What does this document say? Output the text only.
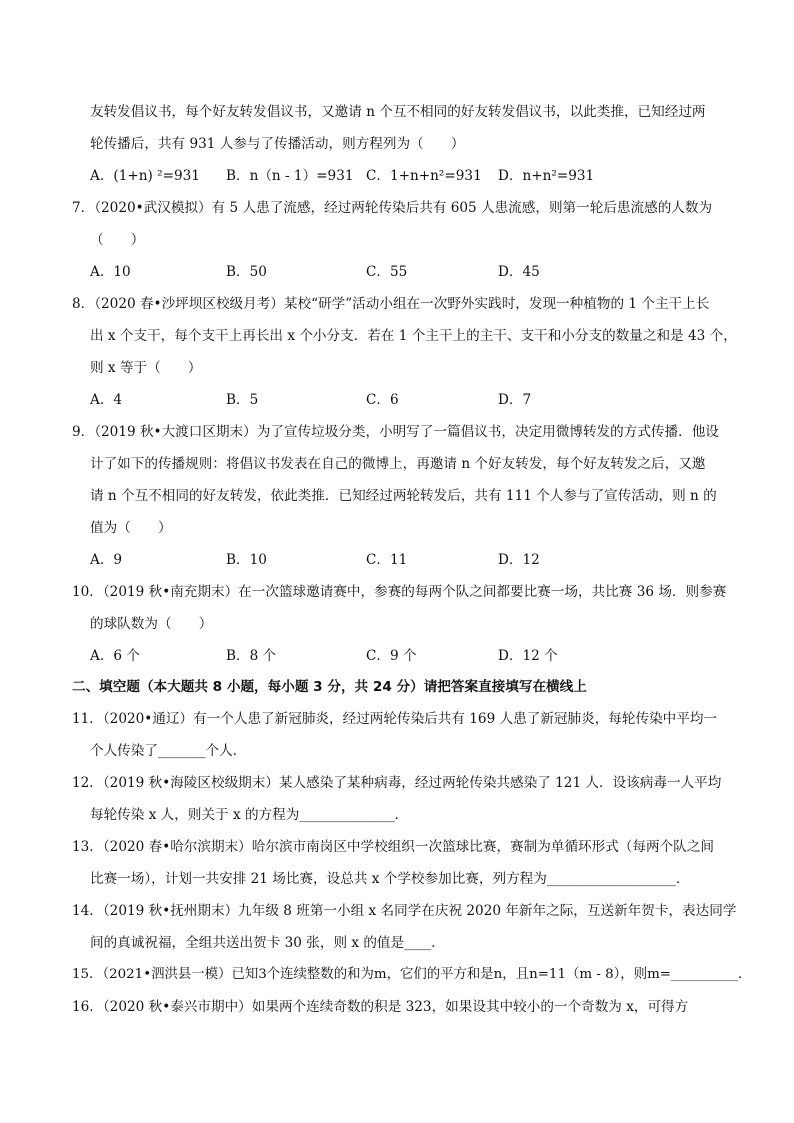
友转发倡议书，每个好友转发倡议书，又邀请 n 个互不相同的好友转发倡议书，以此类推，已知经过两
轮传播后，共有 931 人参与了传播活动，则方程列为（　　）
A．(1+n) ²=931 B．n（n - 1）=931 C．1+n+n²=931 D．n+n²=931
7．（2020•武汉模拟）有 5 人患了流感，经过两轮传染后共有 605 人患流感，则第一轮后患流感的人数为
（　　）
A．10	B．50	C．55	D．45
8．（2020 春•沙坪坝区校级月考）某校“研学”活动小组在一次野外实践时，发现一种植物的 1 个主干上长
出 x 个支干，每个支干上再长出 x 个小分支．若在 1 个主干上的主干、支干和小分支的数量之和是 43 个，
则 x 等于（　　）
A．4	B．5	C．6	D．7
9．（2019 秋•大渡口区期末）为了宣传垃圾分类，小明写了一篇倡议书，决定用微博转发的方式传播．他设
计了如下的传播规则：将倡议书发表在自己的微博上，再邀请 n 个好友转发，每个好友转发之后，又邀
请 n 个互不相同的好友转发，依此类推．已知经过两轮转发后，共有 111 个人参与了宣传活动，则 n 的
值为（　　）
A．9	B．10	C．11	D．12
10．（2019 秋•南充期末）在一次篮球邀请赛中，参赛的每两个队之间都要比赛一场，共比赛 36 场．则参赛
的球队数为（　　）
A．6 个	B．8 个	C．9 个	D．12 个
二、填空题（本大题共 8 小题，每小题 3 分，共 24 分）请把答案直接填写在横线上
11．（2020•通辽）有一个人患了新冠肺炎，经过两轮传染后共有 169 人患了新冠肺炎，每轮传染中平均一
个人传染了_______个人．
12．（2019 秋•海陵区校级期末）某人感染了某种病毒，经过两轮传染共感染了 121 人．设该病毒一人平均
每轮传染 x 人，则关于 x 的方程为______________．
13．（2020 春•哈尔滨期末）哈尔滨市南岗区中学校组织一次篮球比赛，赛制为单循环形式（每两个队之间
比赛一场），计划一共安排 21 场比赛，设总共 x 个学校参加比赛，列方程为___________________．
14．（2019 秋•抚州期末）九年级 8 班第一小组 x 名同学在庆祝 2020 年新年之际，互送新年贺卡，表达同学
间的真诚祝福，全组共送出贺卡 30 张，则 x 的值是____．
15．（2021•泗洪县一模）已知3个连续整数的和为m，它们的平方和是n，且n=11（m - 8），则m=__________．
16．（2020 秋•泰兴市期中）如果两个连续奇数的积是 323，如果设其中较小的一个奇数为 x，可得方
